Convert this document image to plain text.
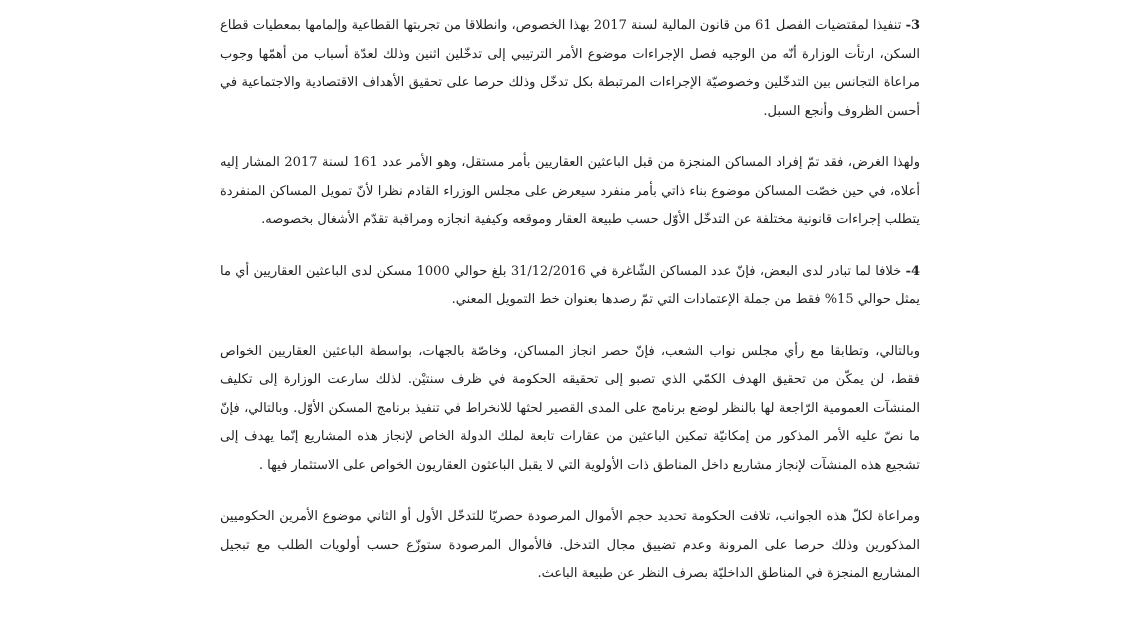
3- تنفيذا لمقتضيات الفصل 61 من قانون المالية لسنة 2017 بهذا الخصوص، وانطلاقا من تجربتها القطاعية وإلمامها بمعطيات قطاع السكن، ارتأت الوزارة أنّه من الوجيه فصل الإجراءات موضوع الأمر الترتيبي إلى تدخّلين اثنين وذلك لعدّة أسباب من أهمّها وجوب مراعاة التجانس بين التدخّلين وخصوصيّة الإجراءات المرتبطة بكل تدخّل وذلك حرصا على تحقيق الأهداف الاقتصادية والاجتماعية في أحسن الظروف وأنجع السبل.

ولهذا الغرض، فقد تمّ إفراد المساكن المنجزة من قبل الباعثين العقاريين بأمر مستقل، وهو الأمر عدد 161 لسنة 2017 المشار إليه أعلاه، في حين خصّت المساكن موضوع بناء ذاتي بأمر منفرد سيعرض على مجلس الوزراء القادم نظرا لأنّ تمويل المساكن المنفردة يتطلب إجراءات قانونية مختلفة عن التدخّل الأوّل حسب طبيعة العقار وموقعه وكيفية انجازه ومراقبة تقدّم الأشغال بخصوصه.

4- خلافا لما تبادر لدى البعض، فإنّ عدد المساكن الشّاغرة في 31/12/2016 بلغ حوالي 1000 مسكن لدى الباعثين العقاريين أي ما يمثل حوالي 15% فقط من جملة الإعتمادات التي تمّ رصدها بعنوان خط التمويل المعني.

وبالتالي، وتطابقا مع رأي مجلس نواب الشعب، فإنّ حصر انجاز المساكن، وخاصّة بالجهات، بواسطة الباعثين العقاريين الخواص فقط، لن يمكّن من تحقيق الهدف الكمّي الذي تصبو إلى تحقيقه الحكومة في ظرف سنتيْن. لذلك سارعت الوزارة إلى تكليف المنشآت العمومية الرّاجعة لها بالنظر لوضع برنامج على المدى القصير لحثها للانخراط في تنفيذ برنامج المسكن الأوّل. وبالتالي، فإنّ ما نصّ عليه الأمر المذكور من إمكانيّة تمكين الباعثين من عقارات تابعة لملك الدولة الخاص لإنجاز هذه المشاريع إنّما يهدف إلى تشجيع هذه المنشآت لإنجاز مشاريع داخل المناطق ذات الأولوية التي لا يقبل الباعثون العقاريون الخواص على الاستثمار فيها .

ومراعاة لكلّ هذه الجوانب، تلافت الحكومة تحديد حجم الأموال المرصودة حصريّا للتدخّل الأول أو الثاني موضوع الأمرين الحكوميين المذكورين وذلك حرصا على المرونة وعدم تضييق مجال التدخل. فالأموال المرصودة ستوزّع حسب أولويات الطلب مع تبجيل المشاريع المنجزة في المناطق الداخليّة بصرف النظر عن طبيعة الباعث.
